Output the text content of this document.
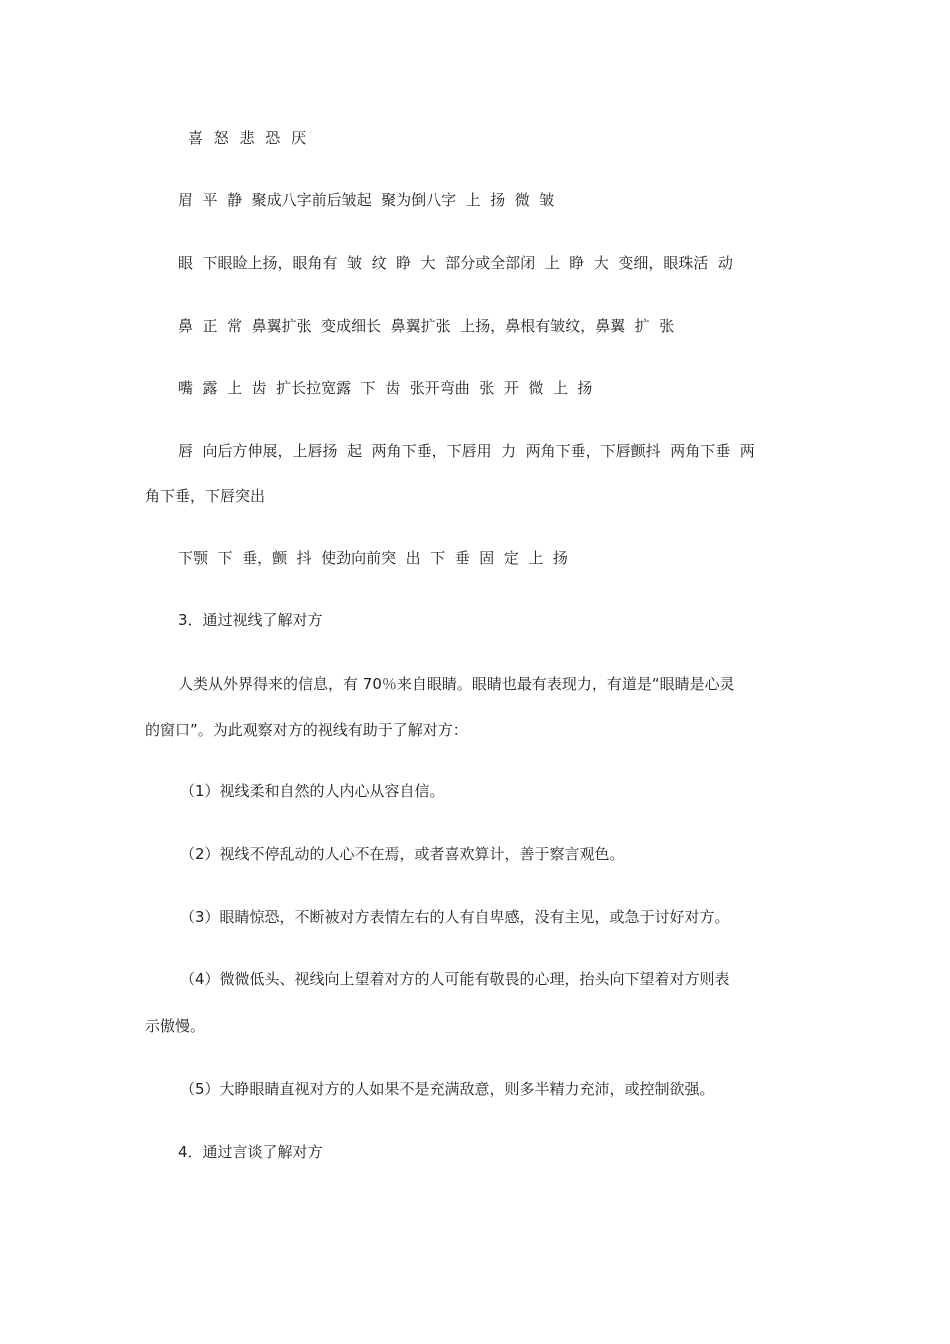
喜 怒 悲 恐 厌

眉  平  静  聚成八字前后皱起  聚为倒八字  上  扬  微  皱

眼  下眼睑上扬，眼角有  皱  纹  睁  大  部分或全部闭  上  睁  大  变细，眼珠活  动

鼻  正  常  鼻翼扩张  变成细长  鼻翼扩张  上扬，鼻根有皱纹，鼻翼  扩  张

嘴  露  上  齿  扩长拉宽露  下  齿  张开弯曲  张  开  微  上  扬

唇  向后方伸展，上唇扬  起  两角下垂，下唇用  力  两角下垂，下唇颤抖  两角下垂  两

角下垂，下唇突出

下颚  下  垂，颤  抖  使劲向前突  出  下  垂  固  定  上  扬

3．通过视线了解对方

人类从外界得来的信息，有 70％来自眼睛。眼睛也最有表现力，有道是“眼睛是心灵

的窗口”。为此观察对方的视线有助于了解对方：

（1）视线柔和自然的人内心从容自信。

（2）视线不停乱动的人心不在焉，或者喜欢算计，善于察言观色。

（3）眼睛惊恐，不断被对方表情左右的人有自卑感，没有主见，或急于讨好对方。

（4）微微低头、视线向上望着对方的人可能有敬畏的心理，抬头向下望着对方则表

示傲慢。

（5）大睁眼睛直视对方的人如果不是充满敌意，则多半精力充沛，或控制欲强。

4．通过言谈了解对方
